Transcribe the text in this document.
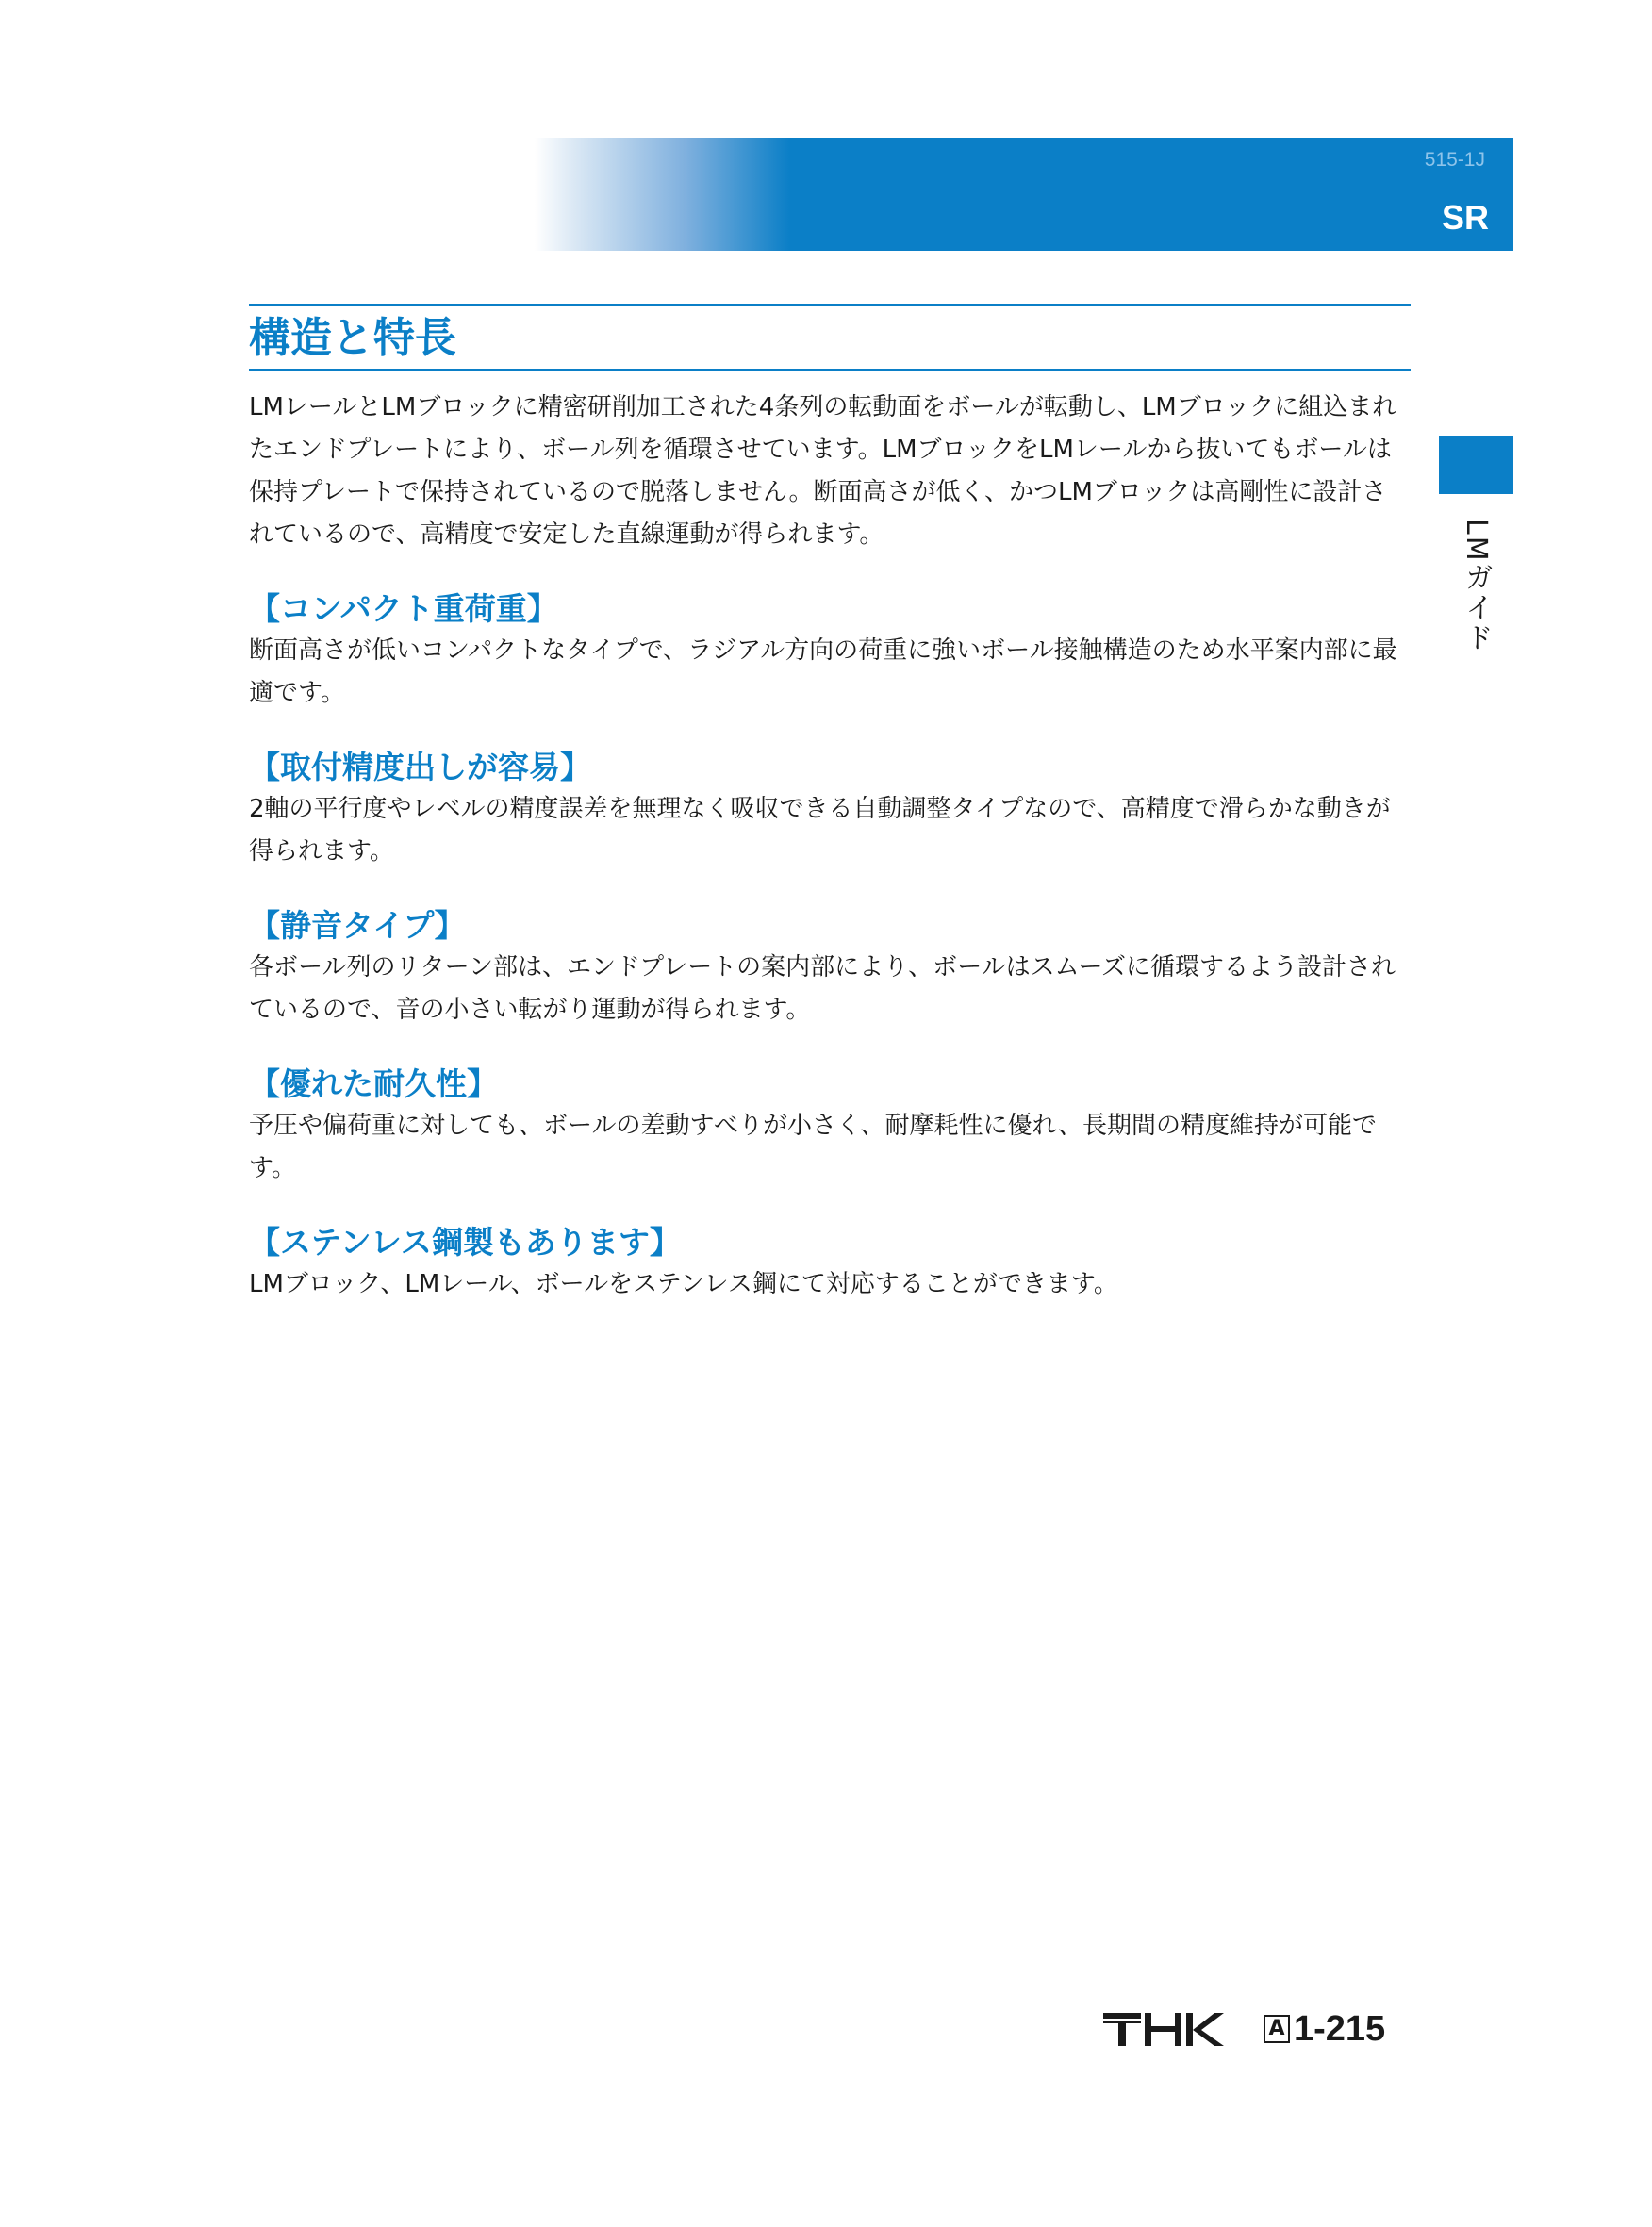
515-1J
SR
LMガイド
構造と特長

LMレールとLMブロックに精密研削加工された4条列の転動面をボールが転動し、LMブロックに組込まれたエンドプレートにより、ボール列を循環させています。LMブロックをLMレールから抜いてもボールは保持プレートで保持されているので脱落しません。断面高さが低く、かつLMブロックは高剛性に設計されているので、高精度で安定した直線運動が得られます。

【コンパクト重荷重】

断面高さが低いコンパクトなタイプで、ラジアル方向の荷重に強いボール接触構造のため水平案内部に最適です。

【取付精度出しが容易】

2軸の平行度やレベルの精度誤差を無理なく吸収できる自動調整タイプなので、高精度で滑らかな動きが得られます。

【静音タイプ】

各ボール列のリターン部は、エンドプレートの案内部により、ボールはスムーズに循環するよう設計されているので、音の小さい転がり運動が得られます。

【優れた耐久性】

予圧や偏荷重に対しても、ボールの差動すべりが小さく、耐摩耗性に優れ、長期間の精度維持が可能です。

【ステンレス鋼製もあります】

LMブロック、LMレール、ボールをステンレス鋼にて対応することができます。

A 1-215
